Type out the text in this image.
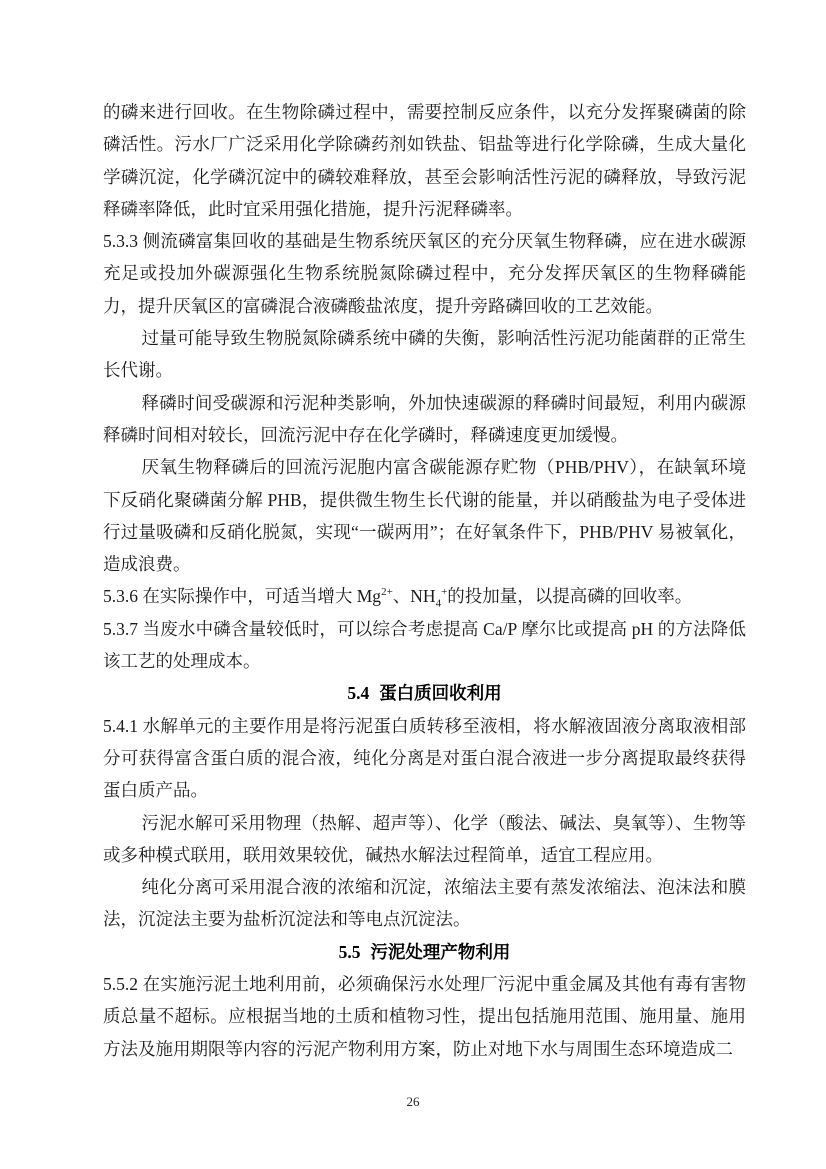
的磷来进行回收。在生物除磷过程中，需要控制反应条件，以充分发挥聚磷菌的除磷活性。污水厂广泛采用化学除磷药剂如铁盐、铝盐等进行化学除磷，生成大量化学磷沉淀，化学磷沉淀中的磷较难释放，甚至会影响活性污泥的磷释放，导致污泥释磷率降低，此时宜采用强化措施，提升污泥释磷率。

5.3.3 侧流磷富集回收的基础是生物系统厌氧区的充分厌氧生物释磷，应在进水碳源充足或投加外碳源强化生物系统脱氮除磷过程中，充分发挥厌氧区的生物释磷能力，提升厌氧区的富磷混合液磷酸盐浓度，提升旁路磷回收的工艺效能。

过量可能导致生物脱氮除磷系统中磷的失衡，影响活性污泥功能菌群的正常生长代谢。

释磷时间受碳源和污泥种类影响，外加快速碳源的释磷时间最短，利用内碳源释磷时间相对较长，回流污泥中存在化学磷时，释磷速度更加缓慢。

厌氧生物释磷后的回流污泥胞内富含碳能源存贮物（PHB/PHV），在缺氧环境下反硝化聚磷菌分解 PHB，提供微生物生长代谢的能量，并以硝酸盐为电子受体进行过量吸磷和反硝化脱氮，实现“一碳两用”；在好氧条件下，PHB/PHV 易被氧化，造成浪费。

5.3.6 在实际操作中，可适当增大 $Mg^{2+}$、$NH_4^+$的投加量，以提高磷的回收率。

5.3.7 当废水中磷含量较低时，可以综合考虑提高 Ca/P 摩尔比或提高 pH 的方法降低该工艺的处理成本。

5.4 蛋白质回收利用

5.4.1 水解单元的主要作用是将污泥蛋白质转移至液相，将水解液固液分离取液相部分可获得富含蛋白质的混合液，纯化分离是对蛋白混合液进一步分离提取最终获得蛋白质产品。

污泥水解可采用物理（热解、超声等）、化学（酸法、碱法、臭氧等）、生物等或多种模式联用，联用效果较优，碱热水解法过程简单，适宜工程应用。

纯化分离可采用混合液的浓缩和沉淀，浓缩法主要有蒸发浓缩法、泡沫法和膜法，沉淀法主要为盐析沉淀法和等电点沉淀法。

5.5 污泥处理产物利用

5.5.2 在实施污泥土地利用前，必须确保污水处理厂污泥中重金属及其他有毒有害物质总量不超标。应根据当地的土质和植物习性，提出包括施用范围、施用量、施用方法及施用期限等内容的污泥产物利用方案，防止对地下水与周围生态环境造成二

26
